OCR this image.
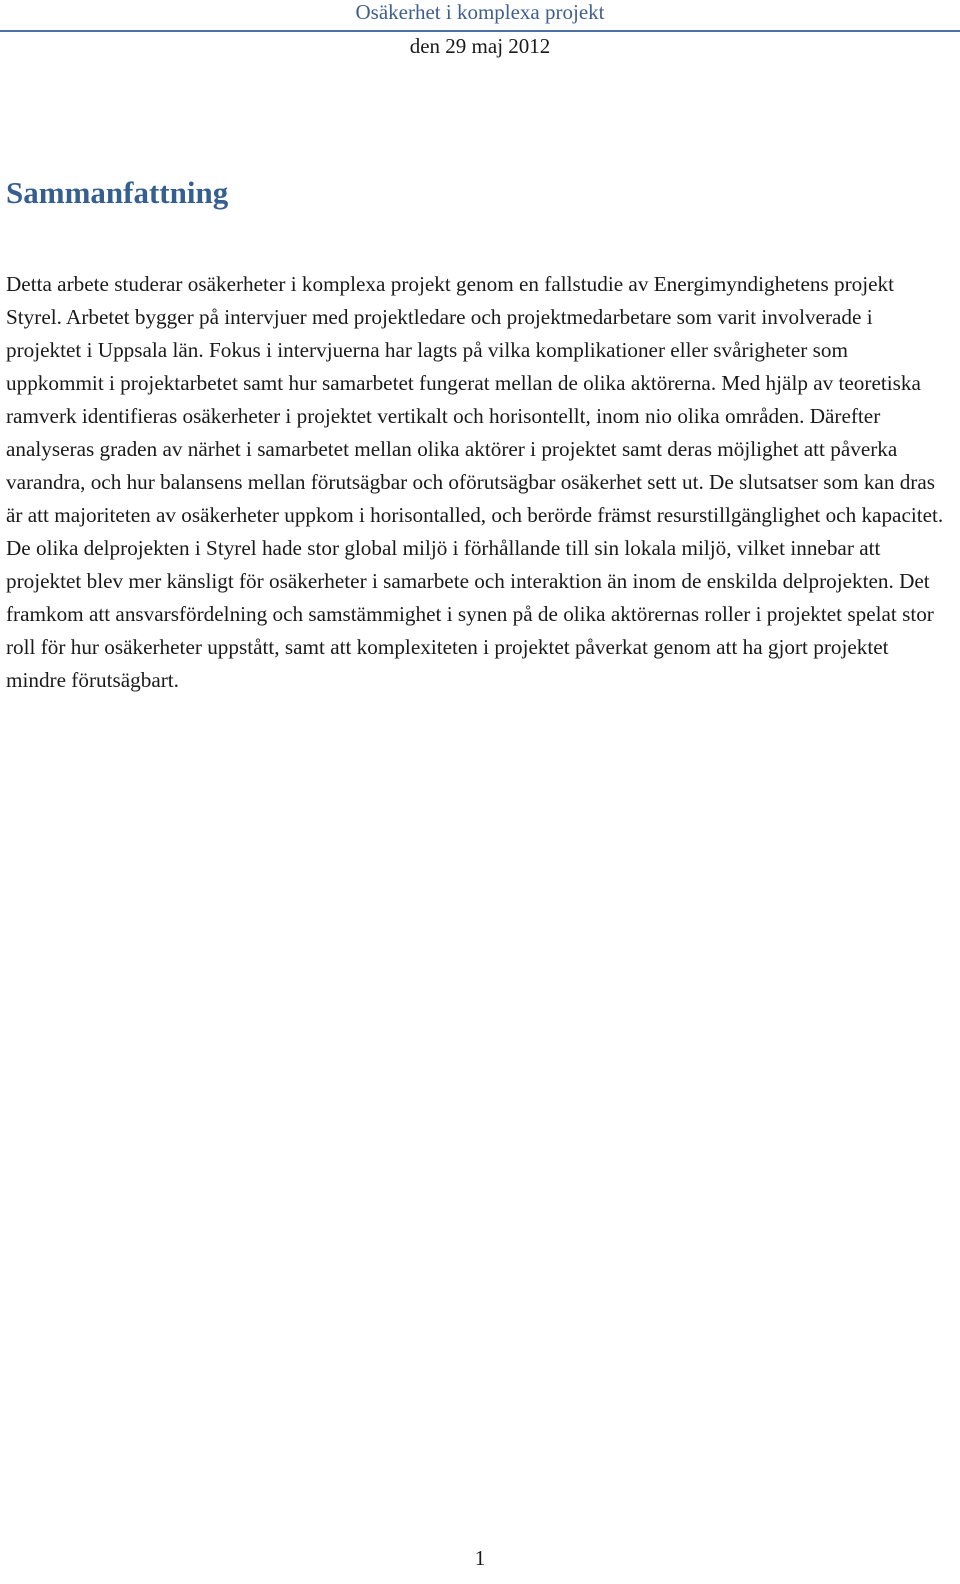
Osäkerhet i komplexa projekt
den 29 maj 2012
Sammanfattning

Detta arbete studerar osäkerheter i komplexa projekt genom en fallstudie av Energimyndighetens projekt Styrel. Arbetet bygger på intervjuer med projektledare och projektmedarbetare som varit involverade i projektet i Uppsala län. Fokus i intervjuerna har lagts på vilka komplikationer eller svårigheter som uppkommit i projektarbetet samt hur samarbetet fungerat mellan de olika aktörerna. Med hjälp av teoretiska ramverk identifieras osäkerheter i projektet vertikalt och horisontellt, inom nio olika områden. Därefter analyseras graden av närhet i samarbetet mellan olika aktörer i projektet samt deras möjlighet att påverka varandra, och hur balansens mellan förutsägbar och oförutsägbar osäkerhet sett ut. De slutsatser som kan dras är att majoriteten av osäkerheter uppkom i horisontalled, och berörde främst resurstillgänglighet och kapacitet. De olika delprojekten i Styrel hade stor global miljö i förhållande till sin lokala miljö, vilket innebar att projektet blev mer känsligt för osäkerheter i samarbete och interaktion än inom de enskilda delprojekten. Det framkom att ansvarsfördelning och samstämmighet i synen på de olika aktörernas roller i projektet spelat stor roll för hur osäkerheter uppstått, samt att komplexiteten i projektet påverkat genom att ha gjort projektet mindre förutsägbart.

1
